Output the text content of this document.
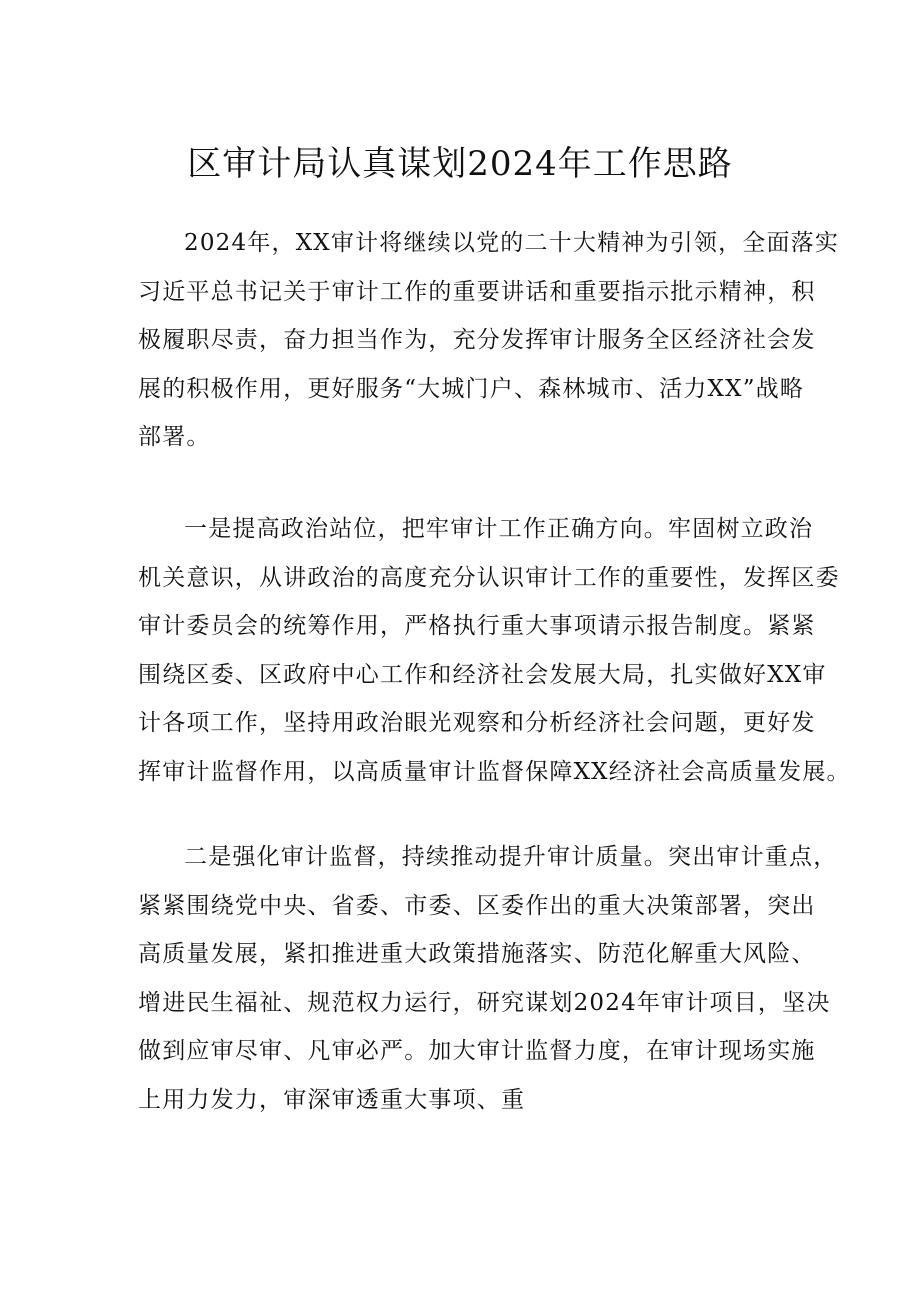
区审计局认真谋划2024年工作思路
2024年，XX审计将继续以党的二十大精神为引领，全面落实
习近平总书记关于审计工作的重要讲话和重要指示批示精神，积
极履职尽责，奋力担当作为，充分发挥审计服务全区经济社会发
展的积极作用，更好服务“大城门户、森林城市、活力XX”战略
部署。
一是提高政治站位，把牢审计工作正确方向。牢固树立政治
机关意识，从讲政治的高度充分认识审计工作的重要性，发挥区委
审计委员会的统筹作用，严格执行重大事项请示报告制度。紧紧
围绕区委、区政府中心工作和经济社会发展大局，扎实做好XX审
计各项工作，坚持用政治眼光观察和分析经济社会问题，更好发
挥审计监督作用，以高质量审计监督保障XX经济社会高质量发展。
二是强化审计监督，持续推动提升审计质量。突出审计重点，
紧紧围绕党中央、省委、市委、区委作出的重大决策部署，突出
高质量发展，紧扣推进重大政策措施落实、防范化解重大风险、
增进民生福祉、规范权力运行，研究谋划2024年审计项目，坚决
做到应审尽审、凡审必严。加大审计监督力度，在审计现场实施
上用力发力，审深审透重大事项、重
